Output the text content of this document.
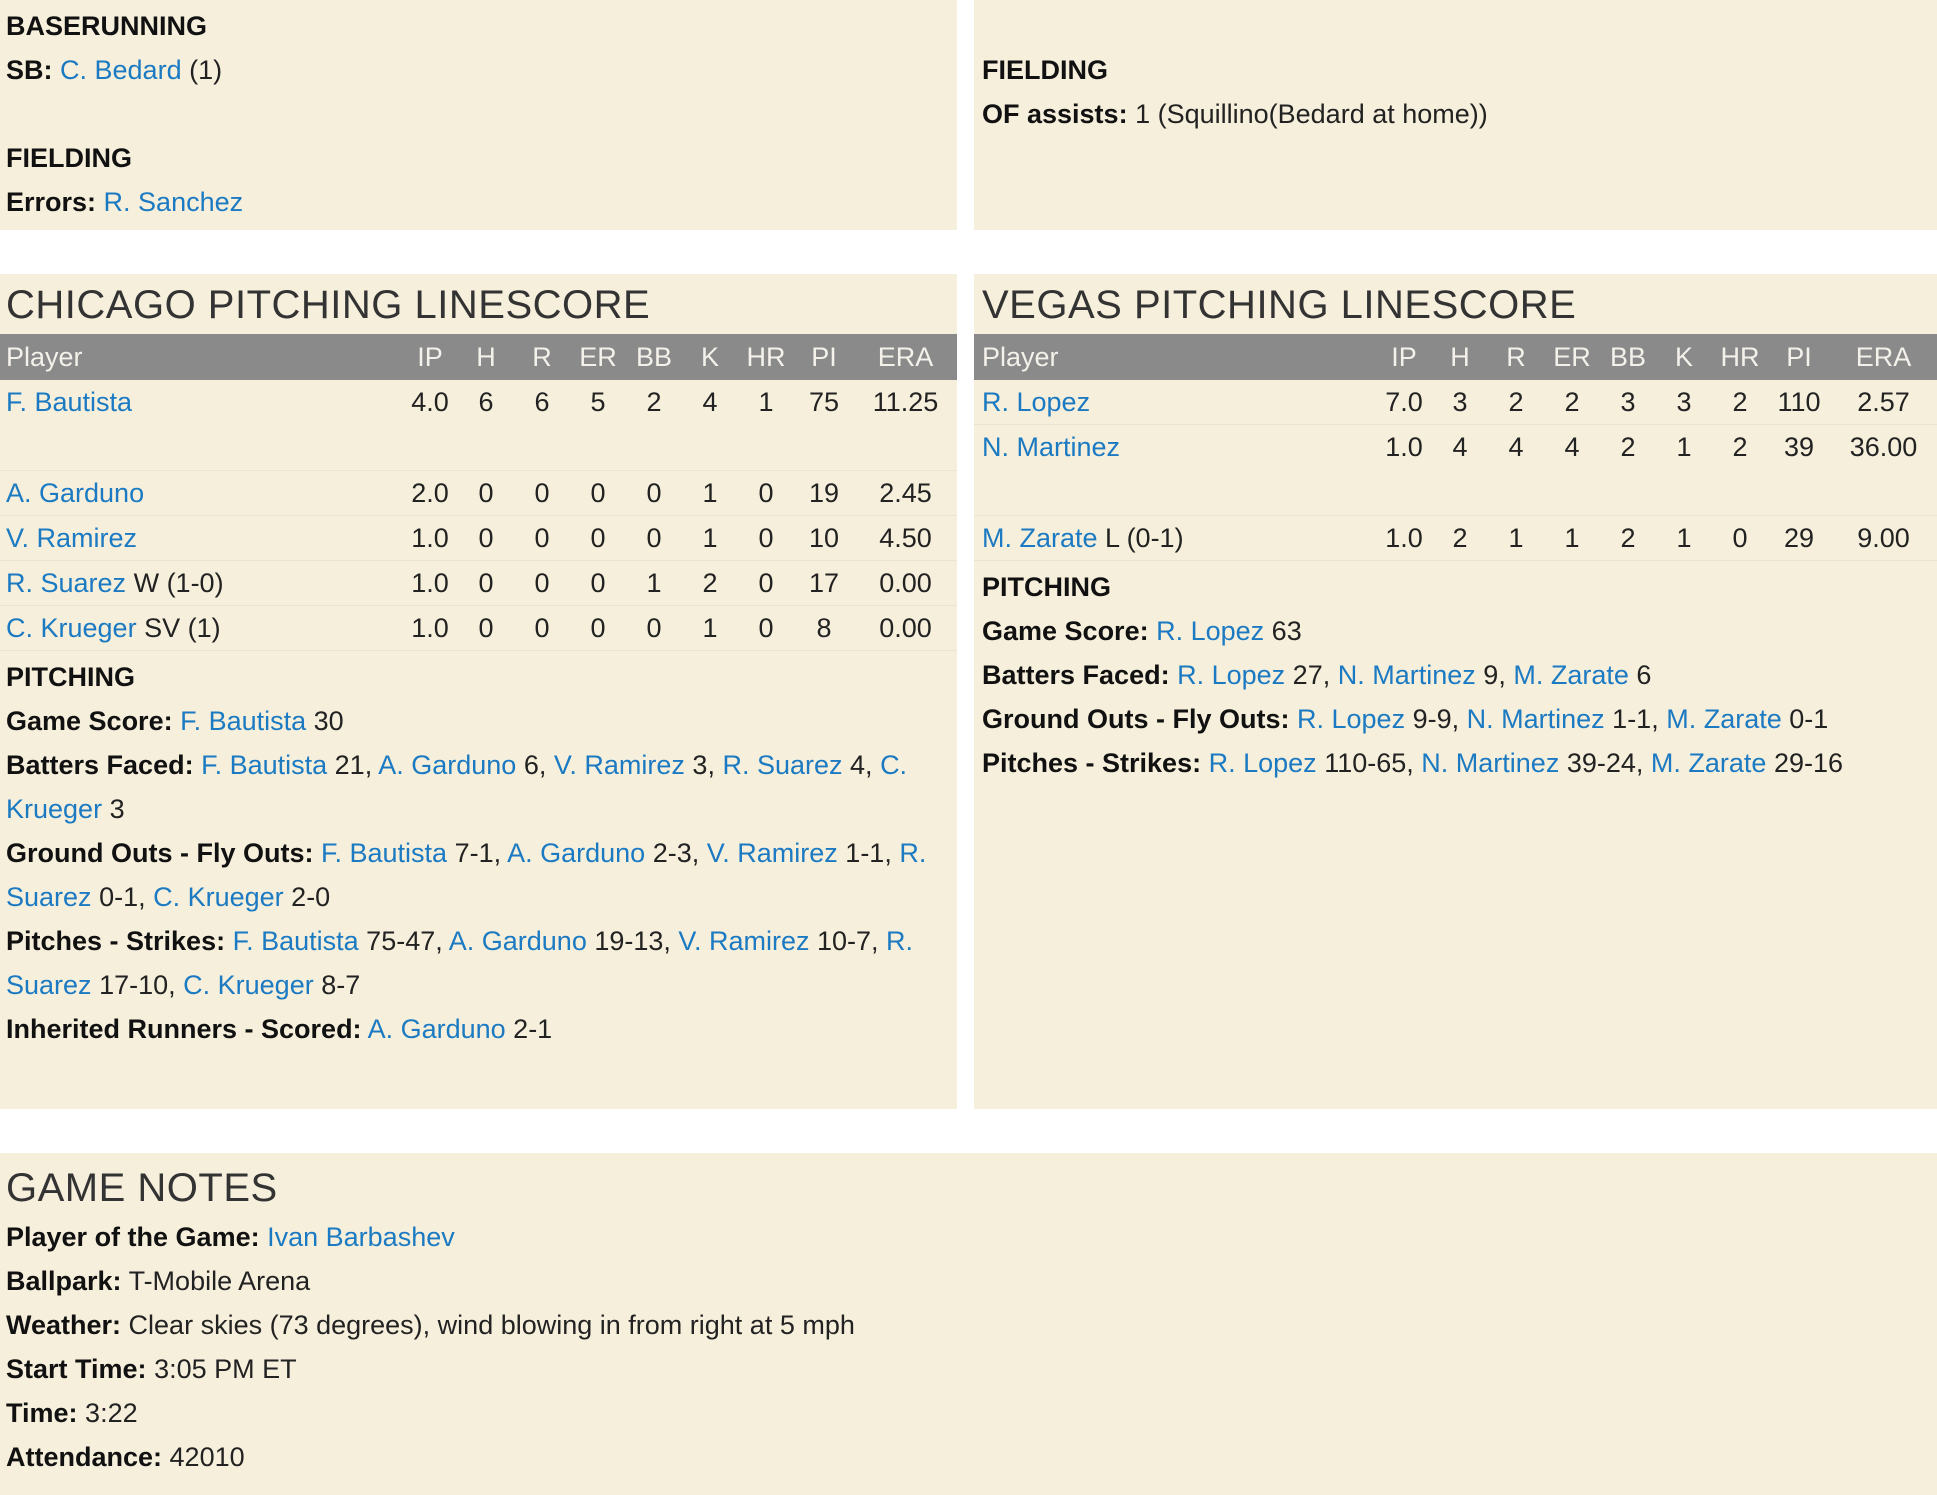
BASERUNNING

SB: C. Bedard (1)

FIELDING

Errors: R. Sanchez

FIELDING

OF assists: 1 (Squillino(Bedard at home))

CHICAGO PITCHING LINESCORE
Player	IP	H	R	ER	BB	K	HR	PI	ERA
F. Bautista	4.0	6	6	5	2	4	1	75	11.25
A. Garduno	2.0	0	0	0	0	1	0	19	2.45
V. Ramirez	1.0	0	0	0	0	1	0	10	4.50
R. Suarez W (1-0)	1.0	0	0	0	1	2	0	17	0.00
C. Krueger SV (1)	1.0	0	0	0	0	1	0	8	0.00

PITCHING

Game Score: F. Bautista 30
Batters Faced: F. Bautista 21, A. Garduno 6, V. Ramirez 3, R. Suarez 4, C. Krueger 3
Ground Outs - Fly Outs: F. Bautista 7-1, A. Garduno 2-3, V. Ramirez 1-1, R. Suarez 0-1, C. Krueger 2-0
Pitches - Strikes: F. Bautista 75-47, A. Garduno 19-13, V. Ramirez 10-7, R. Suarez 17-10, C. Krueger 8-7
Inherited Runners - Scored: A. Garduno 2-1
VEGAS PITCHING LINESCORE
Player	IP	H	R	ER	BB	K	HR	PI	ERA
R. Lopez	7.0	3	2	2	3	3	2	110	2.57
N. Martinez	1.0	4	4	4	2	1	2	39	36.00
M. Zarate L (0-1)	1.0	2	1	1	2	1	0	29	9.00

PITCHING

Game Score: R. Lopez 63
Batters Faced: R. Lopez 27, N. Martinez 9, M. Zarate 6
Ground Outs - Fly Outs: R. Lopez 9-9, N. Martinez 1-1, M. Zarate 0-1
Pitches - Strikes: R. Lopez 110-65, N. Martinez 39-24, M. Zarate 29-16
GAME NOTES

Player of the Game: Ivan Barbashev

Ballpark: T-Mobile Arena

Weather: Clear skies (73 degrees), wind blowing in from right at 5 mph

Start Time: 3:05 PM ET

Time: 3:22

Attendance: 42010
